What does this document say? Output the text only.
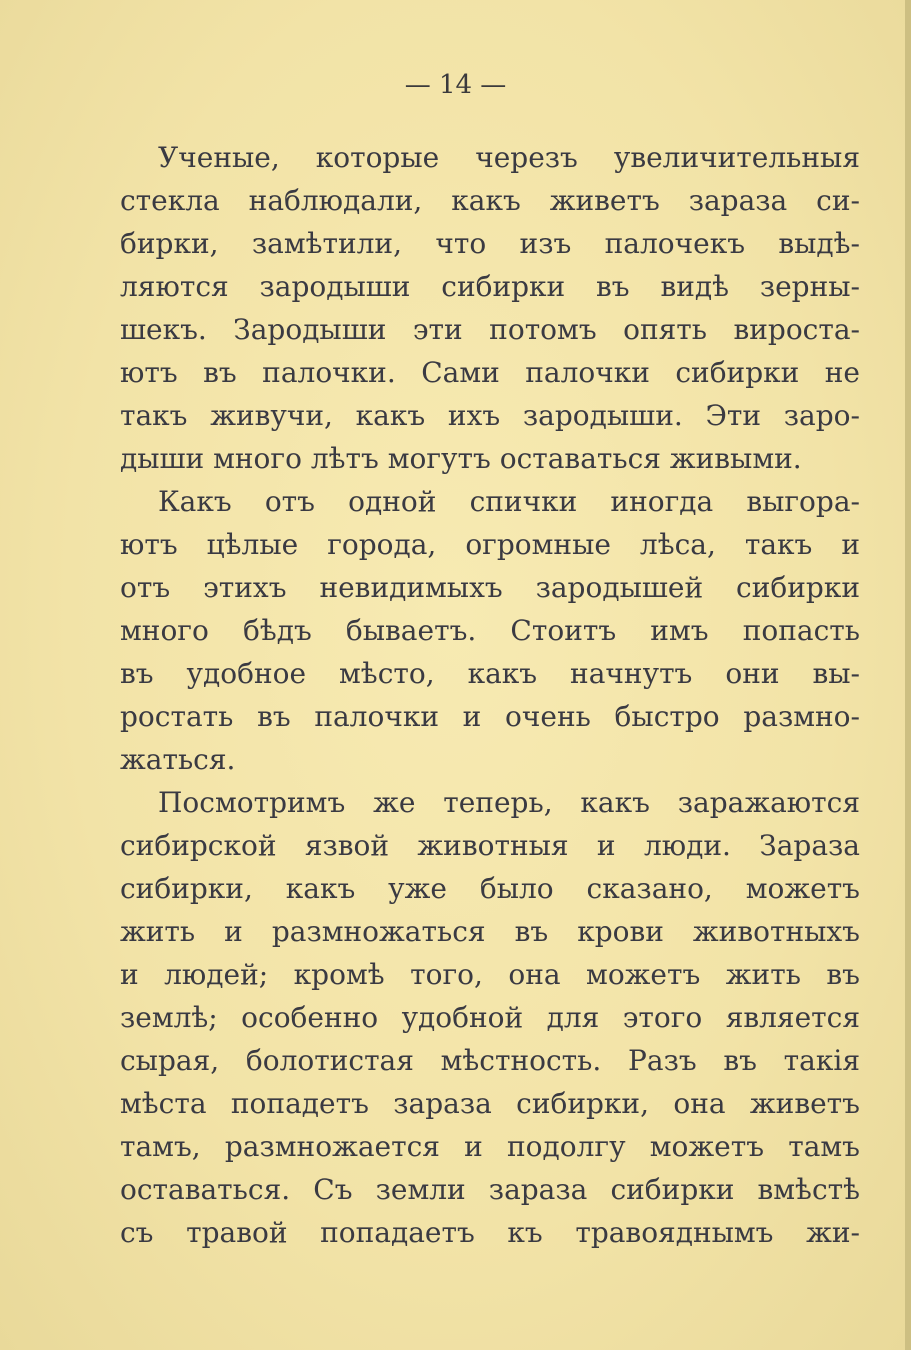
— 14 —
Ученые, которые черезъ увеличительныя
стекла наблюдали, какъ живетъ зараза си-
бирки, замѣтили, что изъ палочекъ выдѣ-
ляются зародыши сибирки въ видѣ зерны-
шекъ. Зародыши эти потомъ опять вироста-
ютъ въ палочки. Сами палочки сибирки не
такъ живучи, какъ ихъ зародыши. Эти заро-
дыши много лѣтъ могутъ оставаться живыми.
Какъ отъ одной спички иногда выгора-
ютъ цѣлые города, огромные лѣса, такъ и
отъ этихъ невидимыхъ зародышей сибирки
много бѣдъ бываетъ. Стоитъ имъ попасть
въ удобное мѣсто, какъ начнутъ они вы-
ростать въ палочки и очень быстро размно-
жаться.
Посмотримъ же теперь, какъ заражаются
сибирской язвой животныя и люди. Зараза
сибирки, какъ уже было сказано, можетъ
жить и размножаться въ крови животныхъ
и людей; кромѣ того, она можетъ жить въ
землѣ; особенно удобной для этого является
сырая, болотистая мѣстность. Разъ въ такія
мѣста попадетъ зараза сибирки, она живетъ
тамъ, размножается и подолгу можетъ тамъ
оставаться. Съ земли зараза сибирки вмѣстѣ
съ травой попадаетъ къ травояднымъ жи-
